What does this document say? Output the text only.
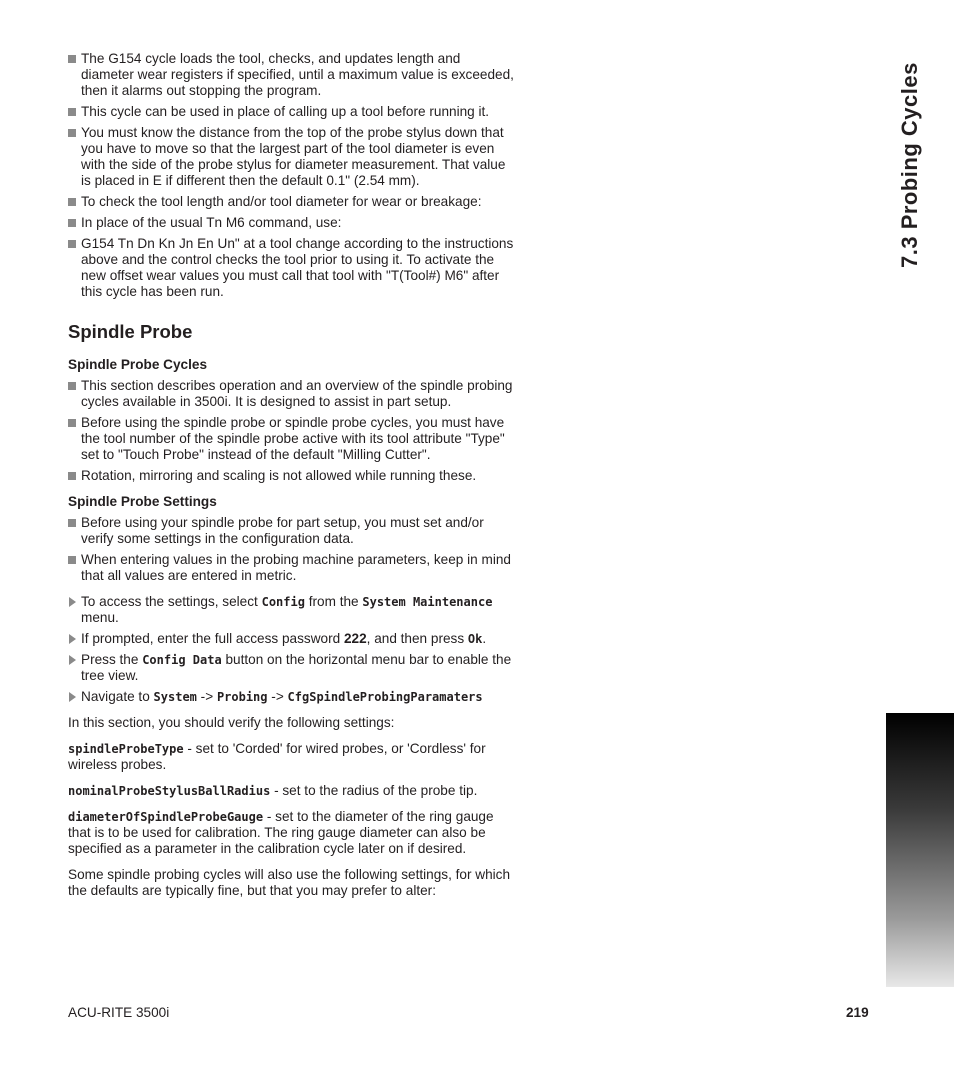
The G154 cycle loads the tool, checks, and updates length and diameter wear registers if specified, until a maximum value is exceeded, then it alarms out stopping the program.
This cycle can be used in place of calling up a tool before running it.
You must know the distance from the top of the probe stylus down that you have to move so that the largest part of the tool diameter is even with the side of the probe stylus for diameter measurement. That value is placed in E if different then the default 0.1" (2.54 mm).
To check the tool length and/or tool diameter for wear or breakage:
In place of the usual Tn M6 command, use:
G154 Tn Dn Kn Jn En Un" at a tool change according to the instructions above and the control checks the tool prior to using it. To activate the new offset wear values you must call that tool with "T(Tool#) M6" after this cycle has been run.
Spindle Probe
Spindle Probe Cycles
This section describes operation and an overview of the spindle probing cycles available in 3500i. It is designed to assist in part setup.
Before using the spindle probe or spindle probe cycles, you must have the tool number of the spindle probe active with its tool attribute "Type" set to "Touch Probe" instead of the default "Milling Cutter".
Rotation, mirroring and scaling is not allowed while running these.
Spindle Probe Settings
Before using your spindle probe for part setup, you must set and/or verify some settings in the configuration data.
When entering values in the probing machine parameters, keep in mind that all values are entered in metric.
To access the settings, select Config from the System Maintenance menu.
If prompted, enter the full access password 222, and then press Ok.
Press the Config Data button on the horizontal menu bar to enable the tree view.
Navigate to System -> Probing -> CfgSpindleProbingParamaters

In this section, you should verify the following settings:

spindleProbeType - set to 'Corded' for wired probes, or 'Cordless' for wireless probes.

nominalProbeStylusBallRadius - set to the radius of the probe tip.

diameterOfSpindleProbeGauge - set to the diameter of the ring gauge that is to be used for calibration. The ring gauge diameter can also be specified as a parameter in the calibration cycle later on if desired.

Some spindle probing cycles will also use the following settings, for which the defaults are typically fine, but that you may prefer to alter:

7.3 Probing Cycles
ACU-RITE 3500i	219
